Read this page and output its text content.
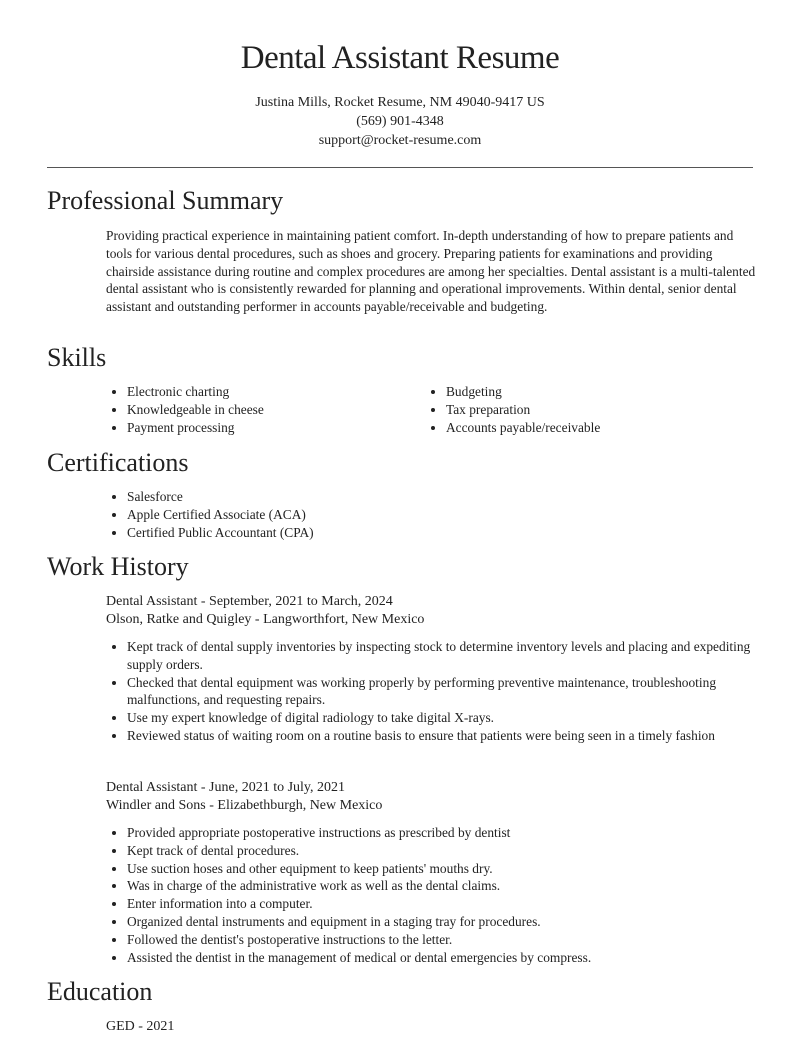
Dental Assistant Resume
Justina Mills, Rocket Resume, NM 49040-9417 US
(569) 901-4348
support@rocket-resume.com
Professional Summary
Providing practical experience in maintaining patient comfort. In-depth understanding of how to prepare patients and tools for various dental procedures, such as shoes and grocery. Preparing patients for examinations and providing chairside assistance during routine and complex procedures are among her specialties. Dental assistant is a multi-talented dental assistant who is consistently rewarded for planning and operational improvements. Within dental, senior dental assistant and outstanding performer in accounts payable/receivable and budgeting.
Skills
• Electronic charting
• Knowledgeable in cheese
• Payment processing
• Budgeting
• Tax preparation
• Accounts payable/receivable
Certifications
• Salesforce
• Apple Certified Associate (ACA)
• Certified Public Accountant (CPA)
Work History
Dental Assistant - September, 2021 to March, 2024
Olson, Ratke and Quigley - Langworthfort, New Mexico
• Kept track of dental supply inventories by inspecting stock to determine inventory levels and placing and expediting supply orders.
• Checked that dental equipment was working properly by performing preventive maintenance, troubleshooting malfunctions, and requesting repairs.
• Use my expert knowledge of digital radiology to take digital X-rays.
• Reviewed status of waiting room on a routine basis to ensure that patients were being seen in a timely fashion
Dental Assistant - June, 2021 to July, 2021
Windler and Sons - Elizabethburgh, New Mexico
• Provided appropriate postoperative instructions as prescribed by dentist
• Kept track of dental procedures.
• Use suction hoses and other equipment to keep patients' mouths dry.
• Was in charge of the administrative work as well as the dental claims.
• Enter information into a computer.
• Organized dental instruments and equipment in a staging tray for procedures.
• Followed the dentist's postoperative instructions to the letter.
• Assisted the dentist in the management of medical or dental emergencies by compress.
Education
GED - 2021
